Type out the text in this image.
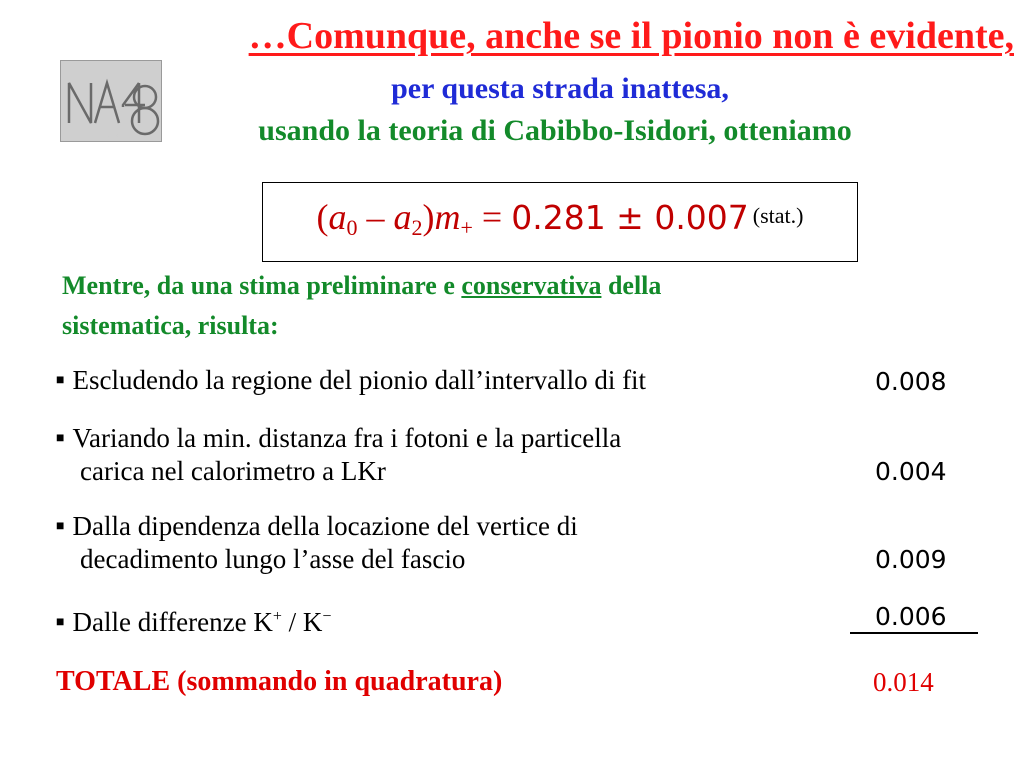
NA48
…Comunque, anche se il pionio non è evidente,
per questa strada inattesa,
usando la teoria di Cabibbo-Isidori, otteniamo
$(a_0 - a_2)m_+ = 0.281 \pm 0.007$ (stat.)
Mentre, da una stima preliminare e conservativa della
sistematica, risulta:
■ Escludendo la regione del pionio dall’intervallo di fit	0.008
■ Variando la min. distanza fra i fotoni e la particella
carica nel calorimetro a LKr	0.004
■ Dalla dipendenza della locazione del vertice di
decadimento lungo l’asse del fascio	0.009
■ Dalle differenze K+ / K−	0.006
TOTALE (sommando in quadratura)	0.014
